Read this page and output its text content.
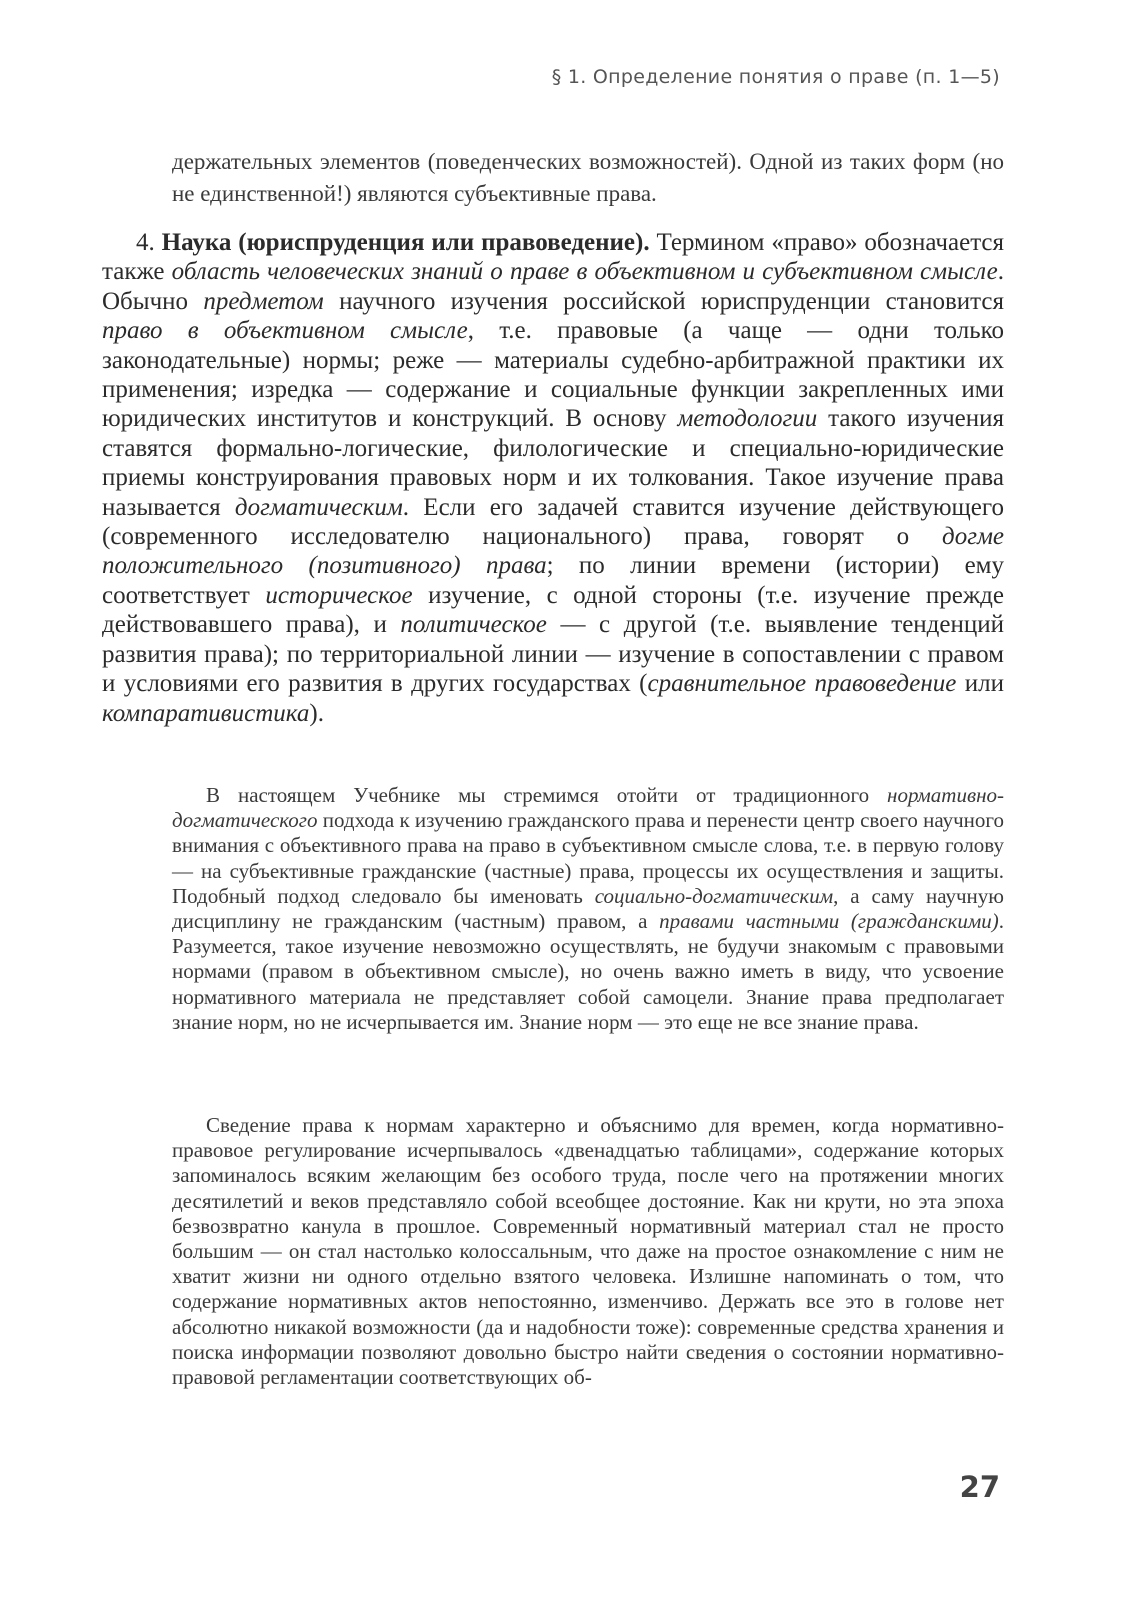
§ 1. Определение понятия о праве (п. 1—5)

держательных элементов (поведенческих возможностей). Одной из таких форм (но не единственной!) являются субъективные права.

4. Наука (юриспруденция или правоведение). Термином «право» обозначается также область человеческих знаний о праве в объективном и субъективном смысле. Обычно предметом научного изучения российской юриспруденции становится право в объективном смысле, т.е. правовые (а чаще — одни только законодательные) нормы; реже — материалы судебно-арбитражной практики их применения; изредка — содержание и социальные функции закрепленных ими юридических институтов и конструкций. В основу методологии такого изучения ставятся формально-логические, филологические и специально-юридические приемы конструирования правовых норм и их толкования. Такое изучение права называется догматическим. Если его задачей ставится изучение действующего (современного исследователю национального) права, говорят о догме положительного (позитивного) права; по линии времени (истории) ему соответствует историческое изучение, с одной стороны (т.е. изучение прежде действовавшего права), и политическое — с другой (т.е. выявление тенденций развития права); по территориальной линии — изучение в сопоставлении с правом и условиями его развития в других государствах (сравнительное правоведение или компаративистика).

В настоящем Учебнике мы стремимся отойти от традиционного нормативно-догматического подхода к изучению гражданского права и перенести центр своего научного внимания с объективного права на право в субъективном смысле слова, т.е. в первую голову — на субъективные гражданские (частные) права, процессы их осуществления и защиты. Подобный подход следовало бы именовать социально-догматическим, а саму научную дисциплину не гражданским (частным) правом, а правами частными (гражданскими). Разумеется, такое изучение невозможно осуществлять, не будучи знакомым с правовыми нормами (правом в объективном смысле), но очень важно иметь в виду, что усвоение нормативного материала не представляет собой самоцели. Знание права предполагает знание норм, но не исчерпывается им. Знание норм — это еще не все знание права.

Сведение права к нормам характерно и объяснимо для времен, когда нормативно-правовое регулирование исчерпывалось «двенадцатью таблицами», содержание которых запоминалось всяким желающим без особого труда, после чего на протяжении многих десятилетий и веков представляло собой всеобщее достояние. Как ни крути, но эта эпоха безвозвратно канула в прошлое. Современный нормативный материал стал не просто большим — он стал настолько колоссальным, что даже на простое ознакомление с ним не хватит жизни ни одного отдельно взятого человека. Излишне напоминать о том, что содержание нормативных актов непостоянно, изменчиво. Держать все это в голове нет абсолютно никакой возможности (да и надобности тоже): современные средства хранения и поиска информации позволяют довольно быстро найти сведения о состоянии нормативно-правовой регламентации соответствующих об-

27
